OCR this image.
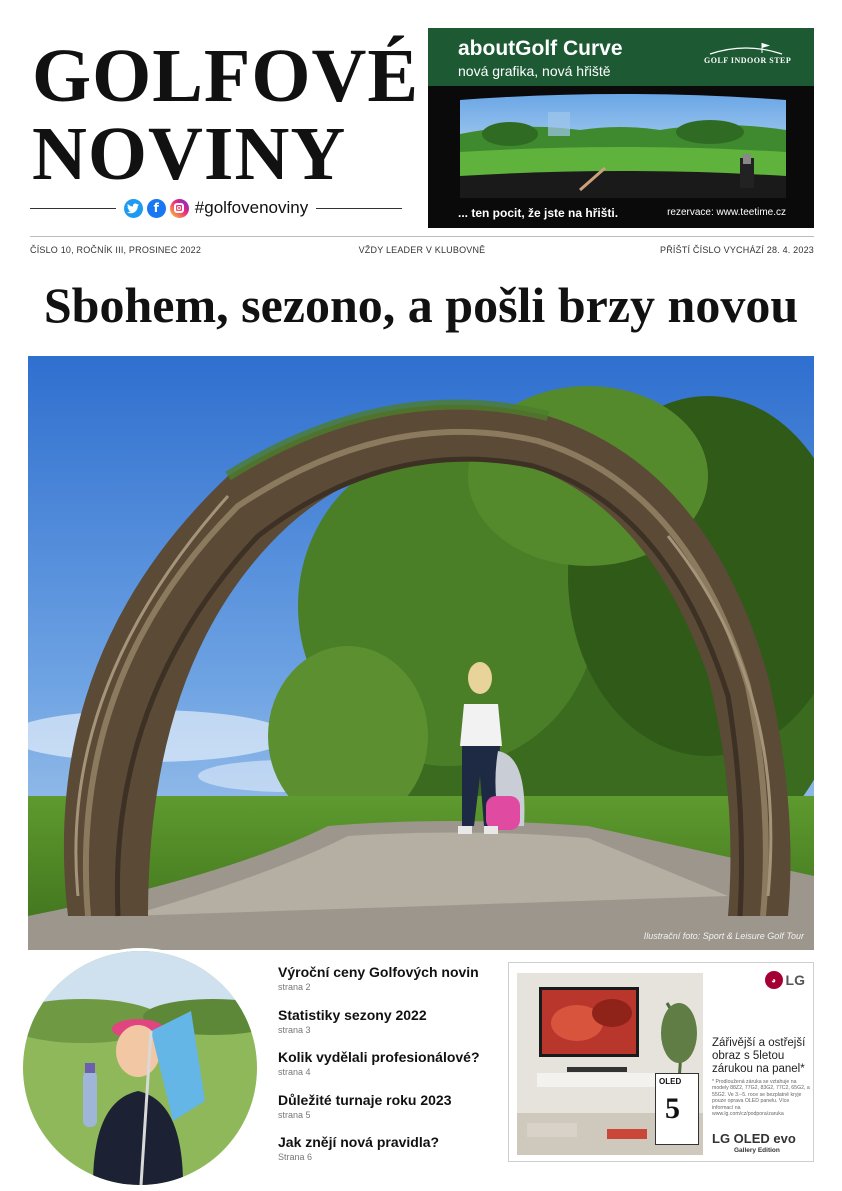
GOLFOVÉ
NOVINY
f	#golfovenoviny
aboutGolf Curve
nová grafika, nová hřiště
GOLF INDOOR STEP
... ten pocit, že jste na hřišti.	rezervace: www.teetime.cz
ČÍSLO 10, ROČNÍK III, PROSINEC 2022	VŽDY LEADER V KLUBOVNĚ	PŘÍŠTÍ ČÍSLO VYCHÁZÍ 28. 4. 2023
Sbohem, sezono, a pošli brzy novou
Ilustrační foto: Sport & Leisure Golf Tour
Výroční ceny Golfových novin
strana 2
Statistiky sezony 2022
strana 3
Kolik vydělali profesionálové?
strana 4
Důležité turnaje roku 2023
strana 5
Jak znějí nová pravidla?
Strana 6
OLED
5
◕ LG
Zářivější a ostřejší obraz s 5letou zárukou na panel*
* Prodloužená záruka se vztahuje na modely 88Z2, 77G2, 83G2, 77C2, 65G2, a 55G2. Ve 3.–5. roce se bezplatně kryje pouze oprava OLED panelu. Více informací na www.lg.com/cz/podpora/zaruka
LG OLED evo
Gallery Edition
